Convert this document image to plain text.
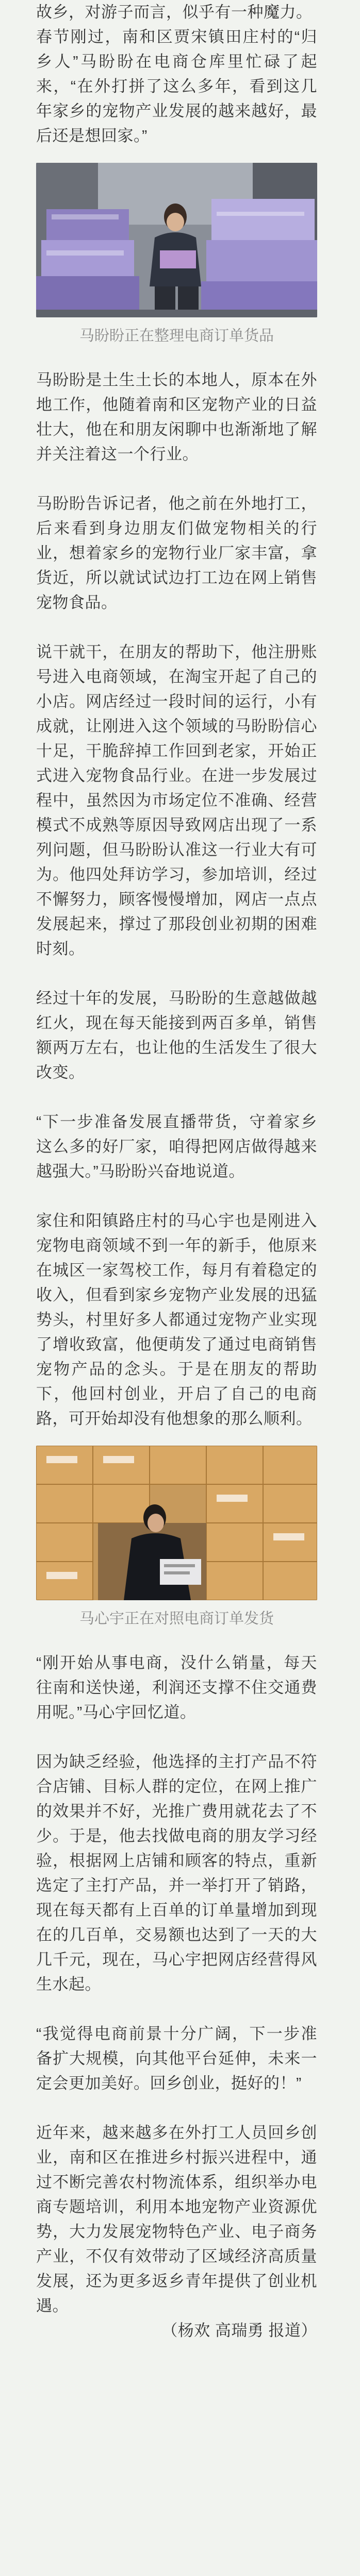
故乡，对游子而言，似乎有一种魔力。

春节刚过，南和区贾宋镇田庄村的“归乡人”马盼盼在电商仓库里忙碌了起来，“在外打拼了这么多年，看到这几年家乡的宠物产业发展的越来越好，最后还是想回家。”

马盼盼正在整理电商订单货品

马盼盼是土生土长的本地人，原本在外地工作，他随着南和区宠物产业的日益壮大，他在和朋友闲聊中也渐渐地了解并关注着这一个行业。

马盼盼告诉记者，他之前在外地打工，后来看到身边朋友们做宠物相关的行业，想着家乡的宠物行业厂家丰富，拿货近，所以就试试边打工边在网上销售宠物食品。

说干就干，在朋友的帮助下，他注册账号进入电商领域，在淘宝开起了自己的小店。网店经过一段时间的运行，小有成就，让刚进入这个领域的马盼盼信心十足，干脆辞掉工作回到老家，开始正式进入宠物食品行业。在进一步发展过程中，虽然因为市场定位不准确、经营模式不成熟等原因导致网店出现了一系列问题，但马盼盼认准这一行业大有可为。他四处拜访学习，参加培训，经过不懈努力，顾客慢慢增加，网店一点点发展起来，撑过了那段创业初期的困难时刻。

经过十年的发展，马盼盼的生意越做越红火，现在每天能接到两百多单，销售额两万左右，也让他的生活发生了很大改变。

“下一步准备发展直播带货，守着家乡这么多的好厂家，咱得把网店做得越来越强大。”马盼盼兴奋地说道。

家住和阳镇路庄村的马心宇也是刚进入宠物电商领域不到一年的新手，他原来在城区一家驾校工作，每月有着稳定的收入，但看到家乡宠物产业发展的迅猛势头，村里好多人都通过宠物产业实现了增收致富，他便萌发了通过电商销售宠物产品的念头。于是在朋友的帮助下，他回村创业，开启了自己的电商路，可开始却没有他想象的那么顺利。

马心宇正在对照电商订单发货

“刚开始从事电商，没什么销量，每天往南和送快递，利润还支撑不住交通费用呢。”马心宇回忆道。

因为缺乏经验，他选择的主打产品不符合店铺、目标人群的定位，在网上推广的效果并不好，光推广费用就花去了不少。于是，他去找做电商的朋友学习经验，根据网上店铺和顾客的特点，重新选定了主打产品，并一举打开了销路，现在每天都有上百单的订单量增加到现在的几百单，交易额也达到了一天的大几千元，现在，马心宇把网店经营得风生水起。

“我觉得电商前景十分广阔，下一步准备扩大规模，向其他平台延伸，未来一定会更加美好。回乡创业，挺好的！”

近年来，越来越多在外打工人员回乡创业，南和区在推进乡村振兴进程中，通过不断完善农村物流体系，组织举办电商专题培训，利用本地宠物产业资源优势，大力发展宠物特色产业、电子商务产业，不仅有效带动了区域经济高质量发展，还为更多返乡青年提供了创业机遇。

（杨欢 高瑞勇 报道）
